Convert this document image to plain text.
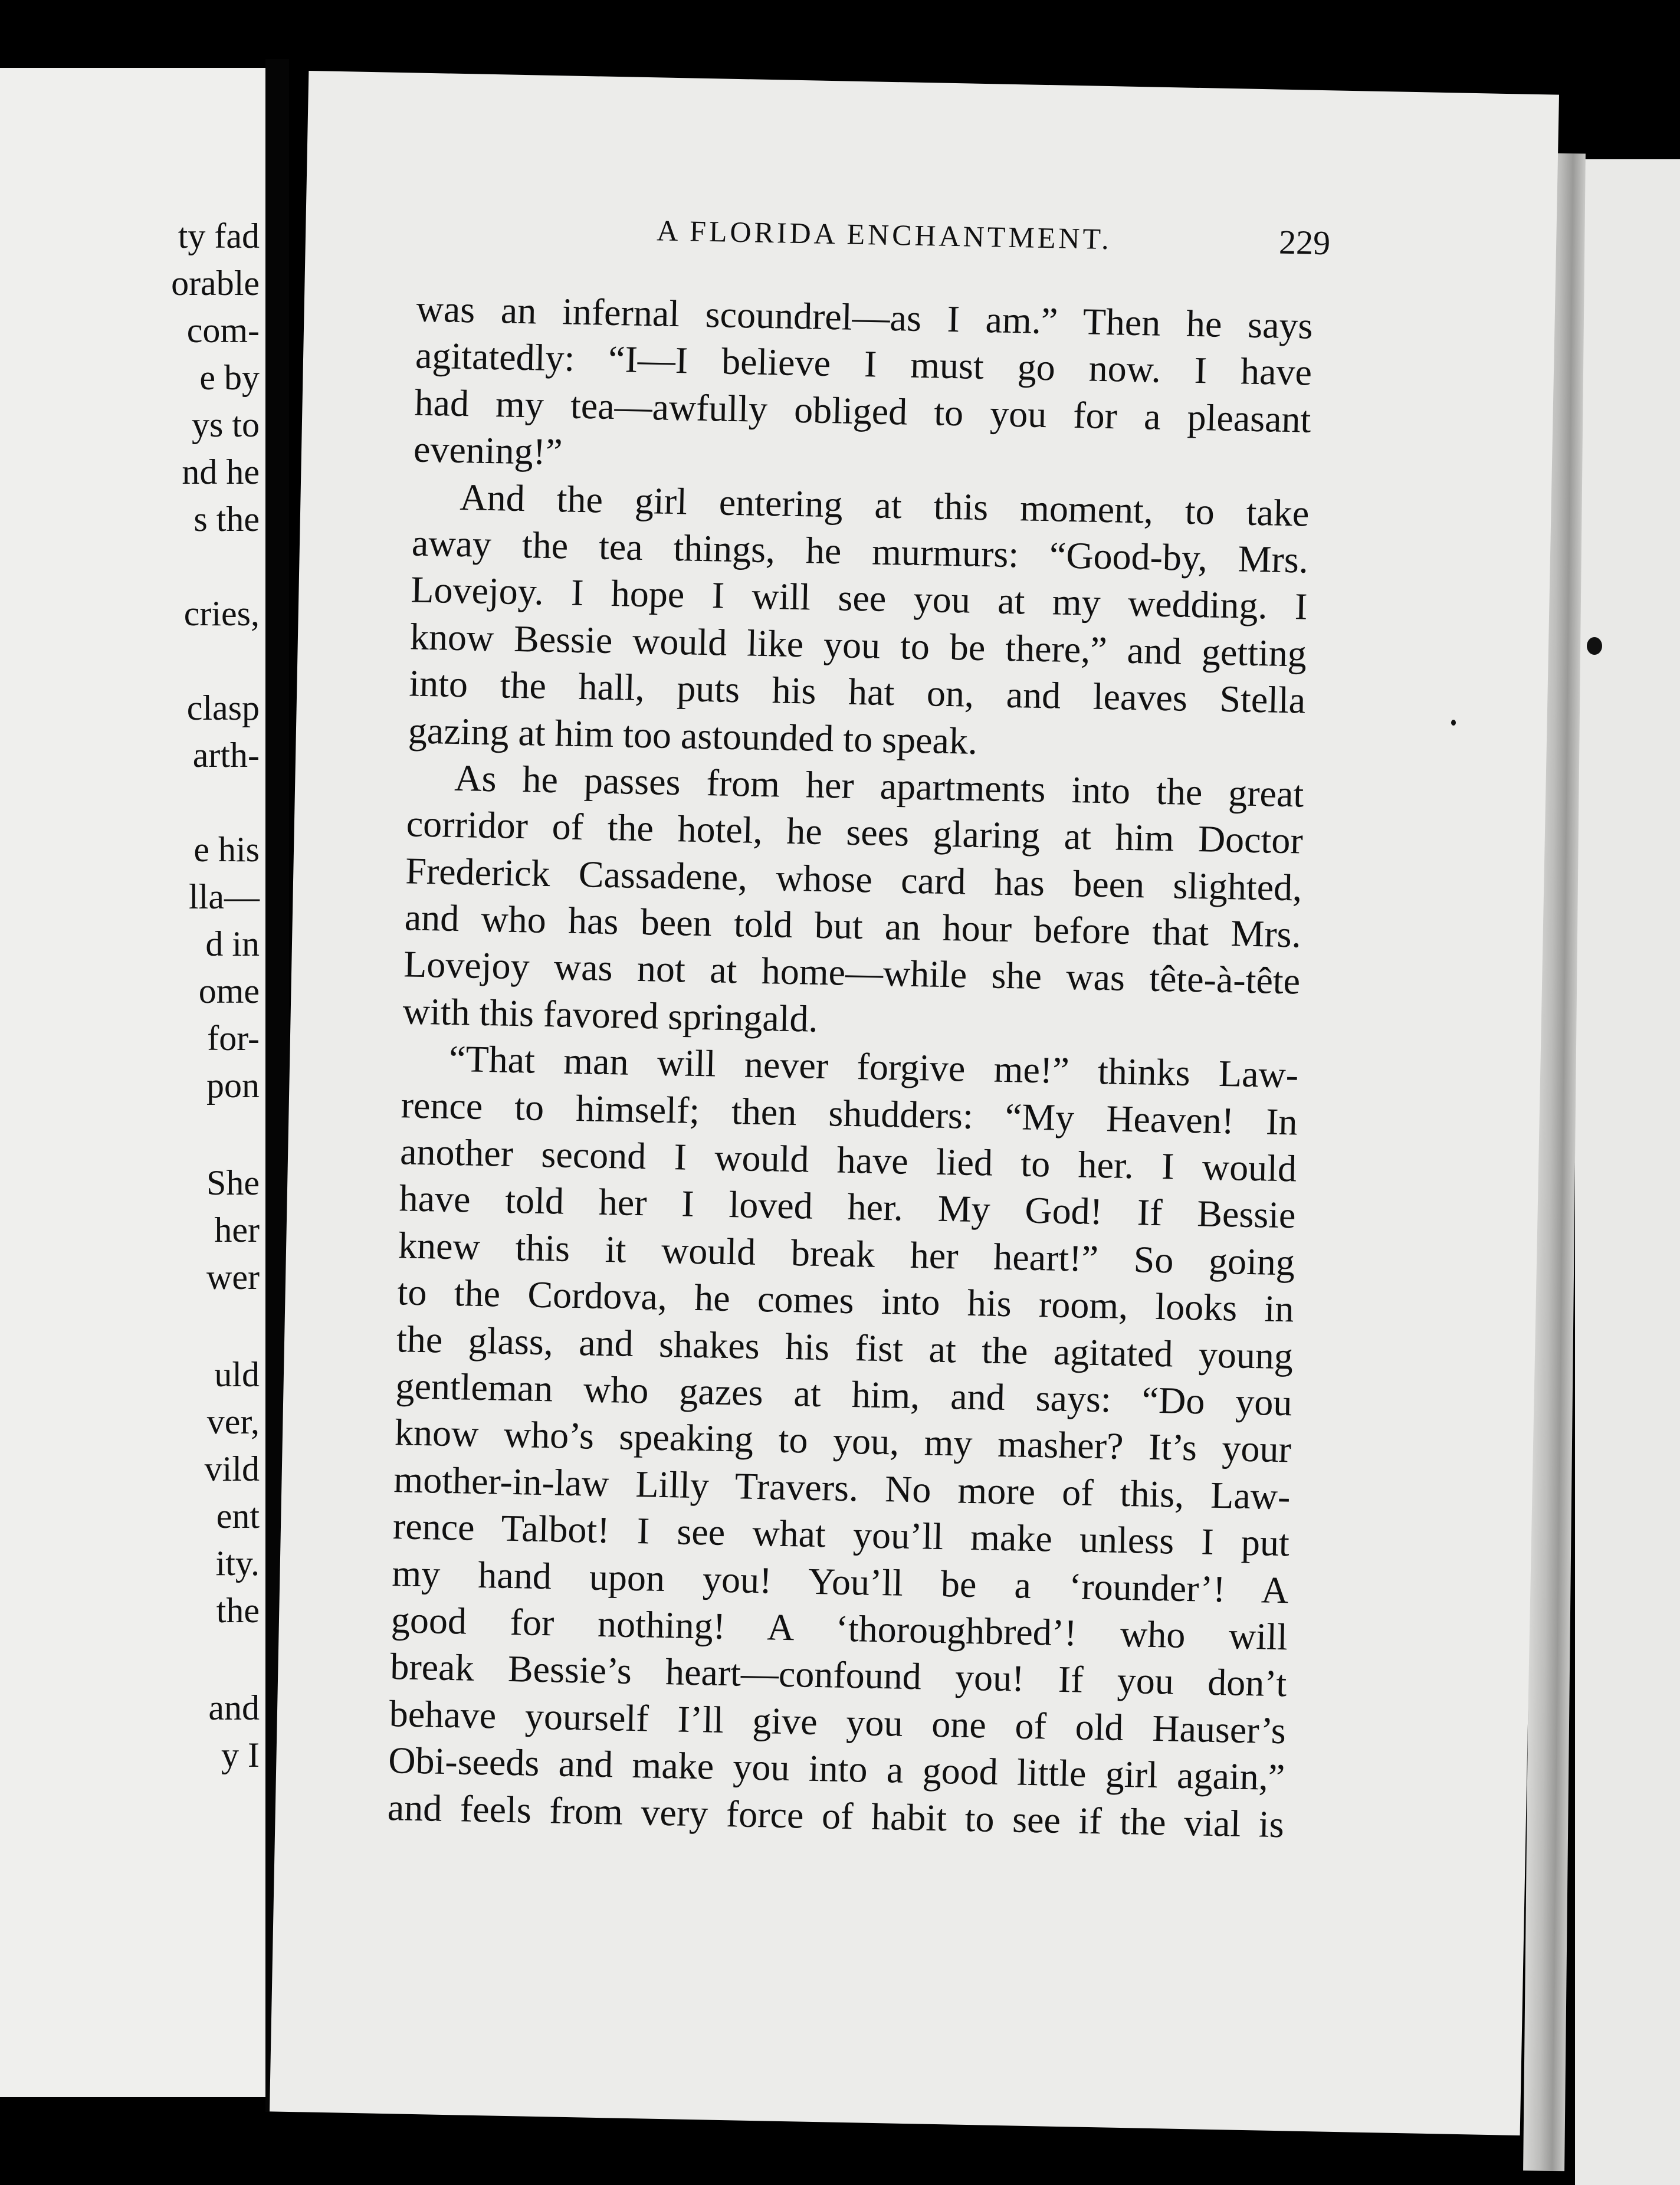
ty fad
orable
com-
e by
ys to
nd he
s the
cries,
clasp
arth-
e his
lla—
d in
ome
for-
pon
She
her
wer
uld
ver,
vild
ent
ity.
the
and
y I
A FLORIDA ENCHANTMENT.	229
was an infernal scoundrel—as I am.” Then he says
agitatedly: “I—I believe I must go now. I have
had my tea—awfully obliged to you for a pleasant
evening!”
And the girl entering at this moment, to take
away the tea things, he murmurs: “Good-by, Mrs.
Lovejoy. I hope I will see you at my wedding. I
know Bessie would like you to be there,” and getting
into the hall, puts his hat on, and leaves Stella
gazing at him too astounded to speak.
As he passes from her apartments into the great
corridor of the hotel, he sees glaring at him Doctor
Frederick Cassadene, whose card has been slighted,
and who has been told but an hour before that Mrs.
Lovejoy was not at home—while she was tête-à-tête
with this favored springald.
“That man will never forgive me!” thinks Law-
rence to himself; then shudders: “My Heaven! In
another second I would have lied to her. I would
have told her I loved her. My God! If Bessie
knew this it would break her heart!” So going
to the Cordova, he comes into his room, looks in
the glass, and shakes his fist at the agitated young
gentleman who gazes at him, and says: “Do you
know who’s speaking to you, my masher? It’s your
mother-in-law Lilly Travers. No more of this, Law-
rence Talbot! I see what you’ll make unless I put
my hand upon you! You’ll be a ‘rounder’! A
good for nothing! A ‘thoroughbred’! who will
break Bessie’s heart—confound you! If you don’t
behave yourself I’ll give you one of old Hauser’s
Obi-seeds and make you into a good little girl again,”
and feels from very force of habit to see if the vial is
